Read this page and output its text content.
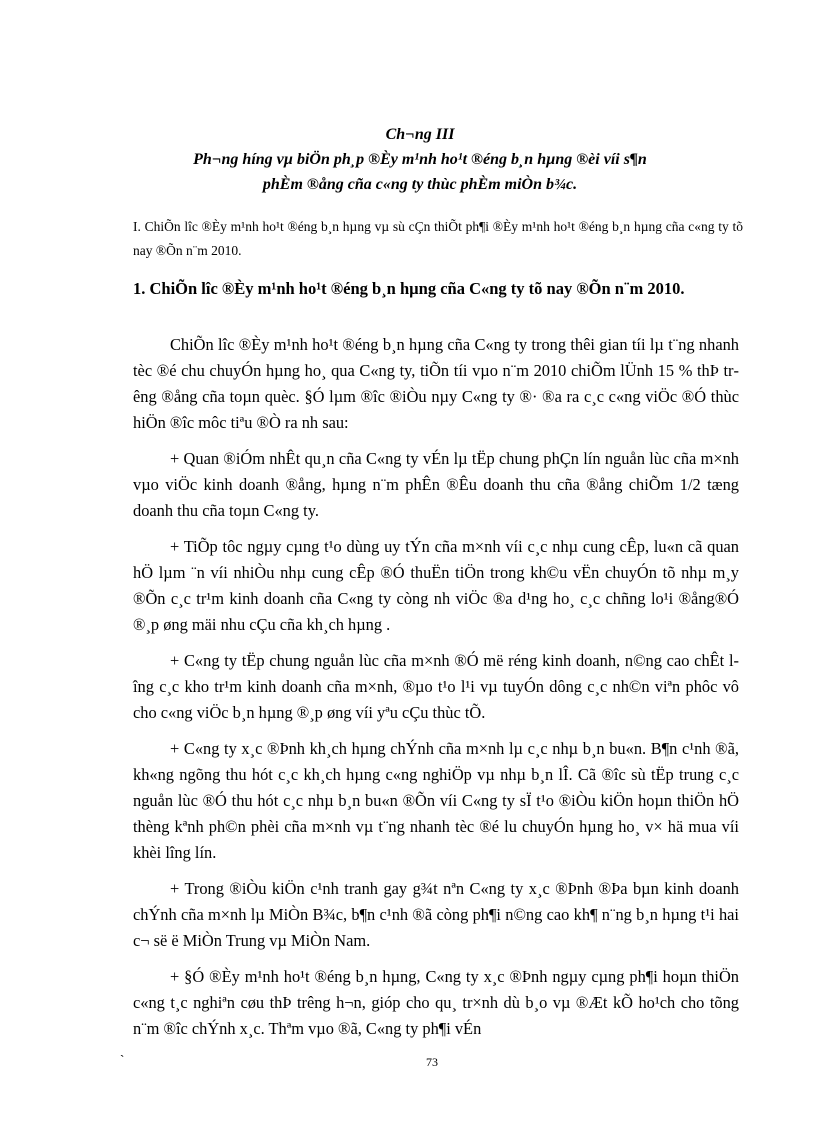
Ch¬ng III
Ph¬ng híng vµ biÖn ph¸p ®Èy m¹nh ho¹t ®éng b¸n hµng ®èi víi s¶n
phÈm ®ång cña c«ng ty thùc phÈm miÒn b¾c.

I. ChiÕn lîc ®Èy m¹nh ho¹t ®éng b¸n hµng vµ sù cÇn thiÕt ph¶i ®Èy m¹nh ho¹t ®éng b¸n hµng cña c«ng ty tõ nay ®Õn n¨m 2010.

1. ChiÕn lîc ®Èy m¹nh ho¹t ®éng b¸n hµng cña C«ng ty tõ nay ®Õn n¨m 2010.

ChiÕn lîc ®Èy m¹nh ho¹t ®éng b¸n hµng cña C«ng ty trong thêi gian tíi lµ t¨ng nhanh tèc ®é chu chuyÓn hµng ho¸ qua C«ng ty, tiÕn tíi vµo n¨m 2010 chiÕm lÜnh 15 % thÞ trêng ®ång cña toµn quèc. §Ó lµm ®îc ®iÒu nµy C«ng ty ®· ®a ra c¸c c«ng viÖc ®Ó thùc hiÖn ®îc môc tiªu ®Ò ra nh sau:

+ Quan ®iÓm nhÊt qu¸n cña C«ng ty vÉn lµ tËp chung phÇn lín nguån lùc cña m×nh vµo viÖc kinh doanh ®ång, hµng n¨m phÊn ®Êu doanh thu cña ®ång chiÕm 1/2 tæng doanh thu cña toµn C«ng ty.

+ TiÕp tôc ngµy cµng t¹o dùng uy tÝn cña m×nh víi c¸c nhµ cung cÊp, lu«n cã quan hÖ lµm ¨n víi nhiÒu nhµ cung cÊp ®Ó thuËn tiÖn trong kh©u vËn chuyÓn tõ nhµ m¸y ®Õn c¸c tr¹m kinh doanh cña C«ng ty còng nh viÖc ®a d¹ng ho¸ c¸c chñng lo¹i ®ång®Ó ®¸p øng mäi nhu cÇu cña kh¸ch hµng .

+ C«ng ty tËp chung nguån lùc cña m×nh ®Ó më réng kinh doanh, n©ng cao chÊt lîng c¸c kho tr¹m kinh doanh cña m×nh, ®µo t¹o l¹i vµ tuyÓn dông c¸c nh©n viªn phôc vô cho c«ng viÖc b¸n hµng ®¸p øng víi yªu cÇu thùc tÕ.

+ C«ng ty x¸c ®Þnh kh¸ch hµng chÝnh cña m×nh lµ c¸c nhµ b¸n bu«n. B¶n c¹nh ®ã, kh«ng ngõng thu hót c¸c kh¸ch hµng c«ng nghiÖp vµ nhµ b¸n lÎ. Cã ®îc sù tËp trung c¸c nguån lùc ®Ó thu hót c¸c nhµ b¸n bu«n ®Õn víi C«ng ty sÏ t¹o ®iÒu kiÖn hoµn thiÖn hÖ thèng kªnh ph©n phèi cña m×nh vµ t¨ng nhanh tèc ®é lu chuyÓn hµng ho¸ v× hä mua víi khèi lîng lín.

+ Trong ®iÒu kiÖn c¹nh tranh gay g¾t nªn C«ng ty x¸c ®Þnh ®Þa bµn kinh doanh chÝnh cña m×nh lµ MiÒn B¾c, b¶n c¹nh ®ã còng ph¶i n©ng cao kh¶ n¨ng b¸n hµng t¹i hai c¬ së ë MiÒn Trung vµ MiÒn Nam.

+ §Ó ®Èy m¹nh ho¹t ®éng b¸n hµng, C«ng ty x¸c ®Þnh ngµy cµng ph¶i hoµn thiÖn c«ng t¸c nghiªn cøu thÞ trêng h¬n, gióp cho qu¸ tr×nh dù b¸o vµ ®Æt kÕ ho¹ch cho tõng n¨m ®îc chÝnh x¸c. Thªm vµo ®ã, C«ng ty ph¶i vÉn

`	73
